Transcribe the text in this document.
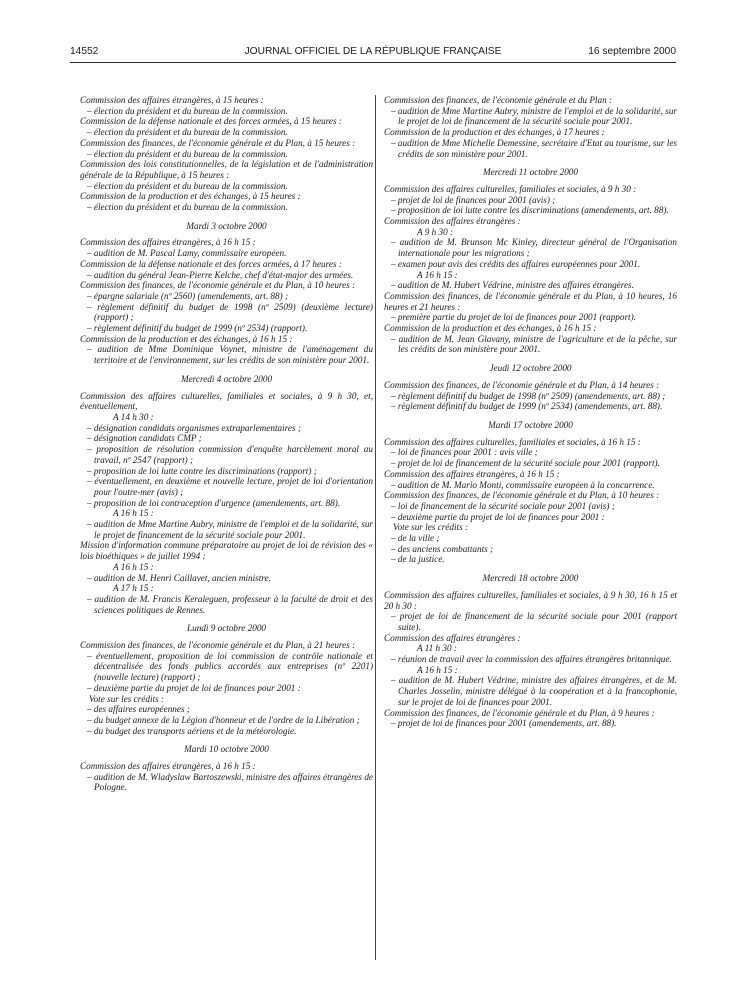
14552	JOURNAL OFFICIEL DE LA RÉPUBLIQUE FRANÇAISE	16 septembre 2000

Commission des affaires étrangères, à 15 heures :

– élection du président et du bureau de la commission.

Commission de la défense nationale et des forces armées, à 15 heures :

– élection du président et du bureau de la commission.

Commission des finances, de l'économie générale et du Plan, à 15 heures :

– élection du président et du bureau de la commission.

Commission des lois constitutionnelles, de la législation et de l'administration générale de la République, à 15 heures :

– élection du président et du bureau de la commission.

Commission de la production et des échanges, à 15 heures :

– élection du président et du bureau de la commission.

Mardi 3 octobre 2000

Commission des affaires étrangères, à 16 h 15 :

– audition de M. Pascal Lamy, commissaire européen.

Commission de la défense nationale et des forces armées, à 17 heures :

– audition du général Jean-Pierre Kelche, chef d'état-major des armées.

Commission des finances, de l'économie générale et du Plan, à 10 heures :

– épargne salariale (nº 2560) (amendements, art. 88) ;

– règlement définitif du budget de 1998 (nº 2509) (deuxième lecture) (rapport) ;

– règlement définitif du budget de 1999 (nº 2534) (rapport).

Commission de la production et des échanges, à 16 h 15 :

– audition de Mme Dominique Voynet, ministre de l'aménagement du territoire et de l'environnement, sur les crédits de son ministère pour 2001.

Mercredi 4 octobre 2000

Commission des affaires culturelles, familiales et sociales, à 9 h 30, et, éventuellement,

A 14 h 30 :

– désignation candidats organismes extraparlementaires ;

– désignation candidats CMP ;

– proposition de résolution commission d'enquête harcèlement moral au travail, nº 2547 (rapport) ;

– proposition de loi lutte contre les discriminations (rapport) ;

– éventuellement, en deuxième et nouvelle lecture, projet de loi d'orientation pour l'outre-mer (avis) ;

– proposition de loi contraception d'urgence (amendements, art. 88).

A 16 h 15 :

– audition de Mme Martine Aubry, ministre de l'emploi et de la solidarité, sur le projet de financement de la sécurité sociale pour 2001.

Mission d'information commune préparatoire au projet de loi de révision des « lois bioéthiques » de juillet 1994 :

A 16 h 15 :

– audition de M. Henri Caillavet, ancien ministre.

A 17 h 15 :

– audition de M. Francis Keraleguen, professeur à la faculté de droit et des sciences politiques de Rennes.

Lundi 9 octobre 2000

Commission des finances, de l'économie générale et du Plan, à 21 heures :

– éventuellement, proposition de loi commission de contrôle nationale et décentralisée des fonds publics accordés aux entreprises (nº 2201) (nouvelle lecture) (rapport) ;

– deuxième partie du projet de loi de finances pour 2001 :

Vote sur les crédits :

– des affaires européennes ;

– du budget annexe de la Légion d'honneur et de l'ordre de la Libération ;

– du budget des transports aériens et de la météorologie.

Mardi 10 octobre 2000

Commission des affaires étrangères, à 16 h 15 :

– audition de M. Wladyslaw Bartoszewski, ministre des affaires étrangères de Pologne.

Commission des finances, de l'économie générale et du Plan :

– audition de Mme Martine Aubry, ministre de l'emploi et de la solidarité, sur le projet de loi de financement de la sécurité sociale pour 2001.

Commission de la production et des échanges, à 17 heures :

– audition de Mme Michelle Demessine, secrétaire d'Etat au tourisme, sur les crédits de son ministère pour 2001.

Mercredi 11 octobre 2000

Commission des affaires culturelles, familiales et sociales, à 9 h 30 :

– projet de loi de finances pour 2001 (avis) ;

– proposition de loi lutte contre les discriminations (amendements, art. 88).

Commission des affaires étrangères :

A 9 h 30 :

– audition de M. Brunson Mc Kinley, directeur général de l'Organisation internationale pour les migrations ;

– examen pour avis des crédits des affaires européennes pour 2001.

A 16 h 15 :

– audition de M. Hubert Védrine, ministre des affaires étrangères.

Commission des finances, de l'économie générale et du Plan, à 10 heures, 16 heures et 21 heures :

– première partie du projet de loi de finances pour 2001 (rapport).

Commission de la production et des échanges, à 16 h 15 :

– audition de M. Jean Glavany, ministre de l'agriculture et de la pêche, sur les crédits de son ministère pour 2001.

Jeudi 12 octobre 2000

Commission des finances, de l'économie générale et du Plan, à 14 heures :

– règlement définitif du budget de 1998 (nº 2509) (amendements, art. 88) ;

– règlement définitif du budget de 1999 (nº 2534) (amendements, art. 88).

Mardi 17 octobre 2000

Commission des affaires culturelles, familiales et sociales, à 16 h 15 :

– loi de finances pour 2001 : avis ville ;

– projet de loi de financement de la sécurité sociale pour 2001 (rapport).

Commission des affaires étrangères, à 16 h 15 :

– audition de M. Mario Monti, commissaire européen à la concurrence.

Commission des finances, de l'économie générale et du Plan, à 10 heures :

– loi de financement de la sécurité sociale pour 2001 (avis) ;

– deuxième partie du projet de loi de finances pour 2001 :

Vote sur les crédits :

– de la ville ;

– des anciens combattants ;

– de la justice.

Mercredi 18 octobre 2000

Commission des affaires culturelles, familiales et sociales, à 9 h 30, 16 h 15 et 20 h 30 :

– projet de loi de financement de la sécurité sociale pour 2001 (rapport suite).

Commission des affaires étrangères :

A 11 h 30 :

– réunion de travail avec la commission des affaires étrangères britannique.

A 16 h 15 :

– audition de M. Hubert Védrine, ministre des affaires étrangères, et de M. Charles Josselin, ministre délégué à la coopération et à la francophonie, sur le projet de loi de finances pour 2001.

Commission des finances, de l'économie générale et du Plan, à 9 heures :

– projet de loi de finances pour 2001 (amendements, art. 88).
